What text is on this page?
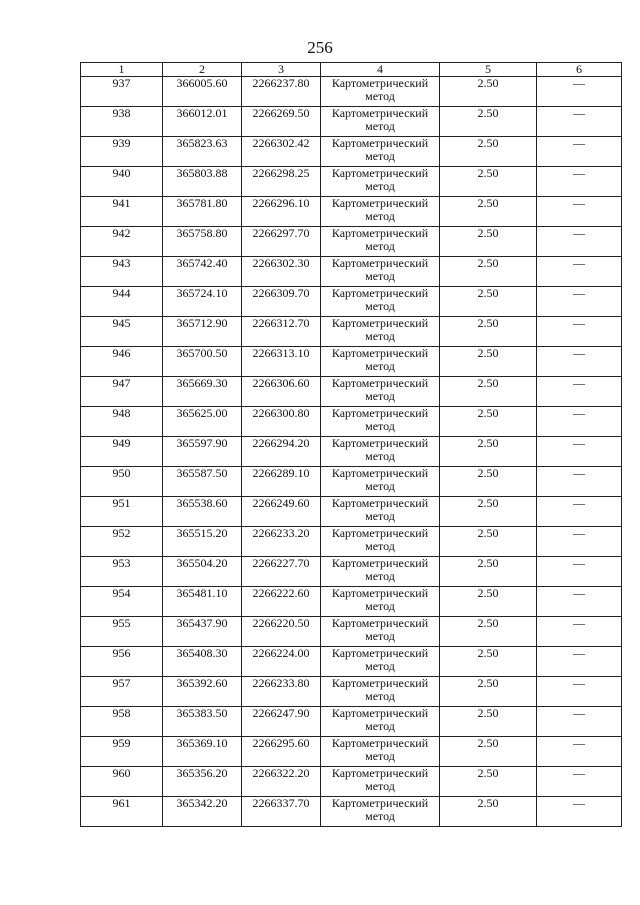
256
1	2	3	4	5	6
937	366005.60	2266237.80	Картометрический метод	2.50	—
938	366012.01	2266269.50	Картометрический метод	2.50	—
939	365823.63	2266302.42	Картометрический метод	2.50	—
940	365803.88	2266298.25	Картометрический метод	2.50	—
941	365781.80	2266296.10	Картометрический метод	2.50	—
942	365758.80	2266297.70	Картометрический метод	2.50	—
943	365742.40	2266302.30	Картометрический метод	2.50	—
944	365724.10	2266309.70	Картометрический метод	2.50	—
945	365712.90	2266312.70	Картометрический метод	2.50	—
946	365700.50	2266313.10	Картометрический метод	2.50	—
947	365669.30	2266306.60	Картометрический метод	2.50	—
948	365625.00	2266300.80	Картометрический метод	2.50	—
949	365597.90	2266294.20	Картометрический метод	2.50	—
950	365587.50	2266289.10	Картометрический метод	2.50	—
951	365538.60	2266249.60	Картометрический метод	2.50	—
952	365515.20	2266233.20	Картометрический метод	2.50	—
953	365504.20	2266227.70	Картометрический метод	2.50	—
954	365481.10	2266222.60	Картометрический метод	2.50	—
955	365437.90	2266220.50	Картометрический метод	2.50	—
956	365408.30	2266224.00	Картометрический метод	2.50	—
957	365392.60	2266233.80	Картометрический метод	2.50	—
958	365383.50	2266247.90	Картометрический метод	2.50	—
959	365369.10	2266295.60	Картометрический метод	2.50	—
960	365356.20	2266322.20	Картометрический метод	2.50	—
961	365342.20	2266337.70	Картометрический метод	2.50	—
